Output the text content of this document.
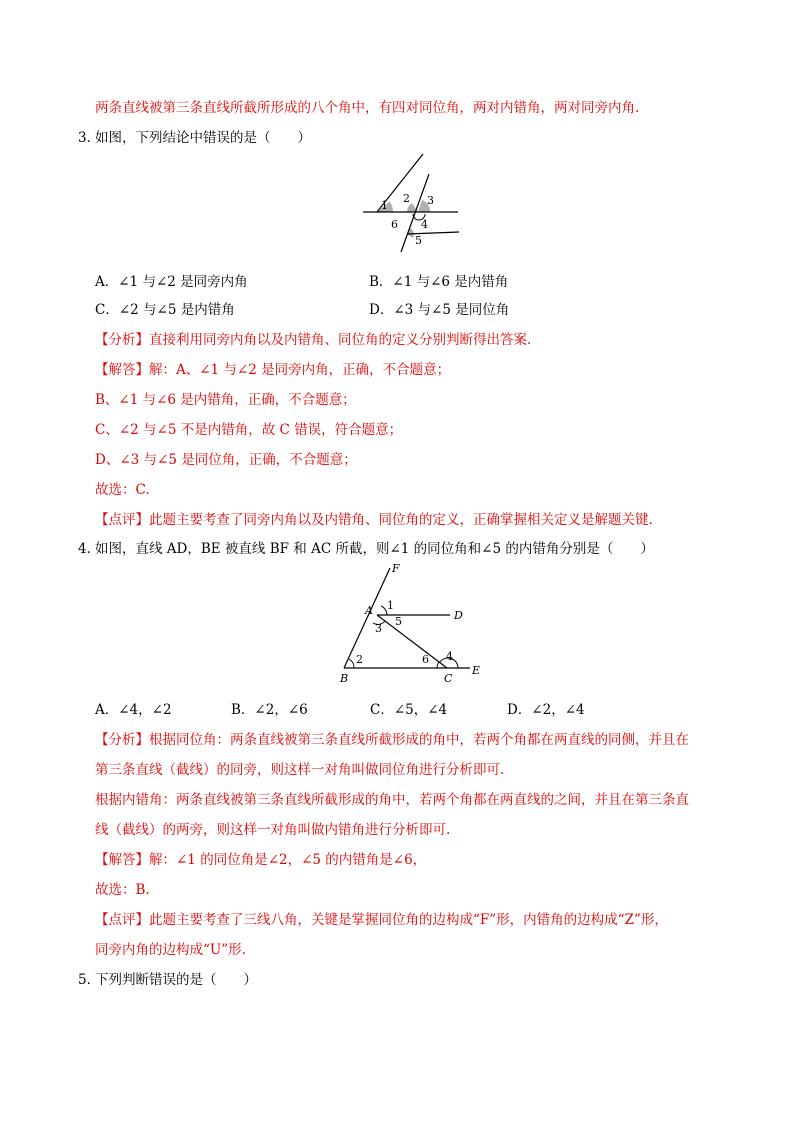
两条直线被第三条直线所截所形成的八个角中，有四对同位角，两对内错角，两对同旁内角.
3．
如图，下列结论中错误的是（　　）
1
2 3
4
5
6
A．∠1 与∠2 是同旁内角	B．∠1 与∠6 是内错角
C．∠2 与∠5 是内错角	D．∠3 与∠5 是同位角
【分析】直接利用同旁内角以及内错角、同位角的定义分别判断得出答案.
【解答】解：A、∠1 与∠2 是同旁内角，正确，不合题意；
B、∠1 与∠6 是内错角，正确，不合题意；
C、∠2 与∠5 不是内错角，故 C 错误，符合题意；
D、∠3 与∠5 是同位角，正确，不合题意；
故选：C.
【点评】此题主要考查了同旁内角以及内错角、同位角的定义，正确掌握相关定义是解题关键.
4．
如图，直线 AD，BE 被直线 BF 和 AC 所截，则∠1 的同位角和∠5 的内错角分别是（　　）
F
A 1
D
3
5
2	6 4
B	C
E
A．∠4，∠2	B．∠2，∠6	C．∠5，∠4	D．∠2，∠4
【分析】根据同位角：两条直线被第三条直线所截形成的角中，若两个角都在两直线的同侧，并且在
第三条直线（截线）的同旁，则这样一对角叫做同位角进行分析即可.
根据内错角：两条直线被第三条直线所截形成的角中，若两个角都在两直线的之间，并且在第三条直
线（截线）的两旁，则这样一对角叫做内错角进行分析即可.
【解答】解：∠1 的同位角是∠2，∠5 的内错角是∠6，
故选：B.
【点评】此题主要考查了三线八角，关键是掌握同位角的边构成“F”形，内错角的边构成“Z”形，
同旁内角的边构成“U”形.
5．
下列判断错误的是（　　）
